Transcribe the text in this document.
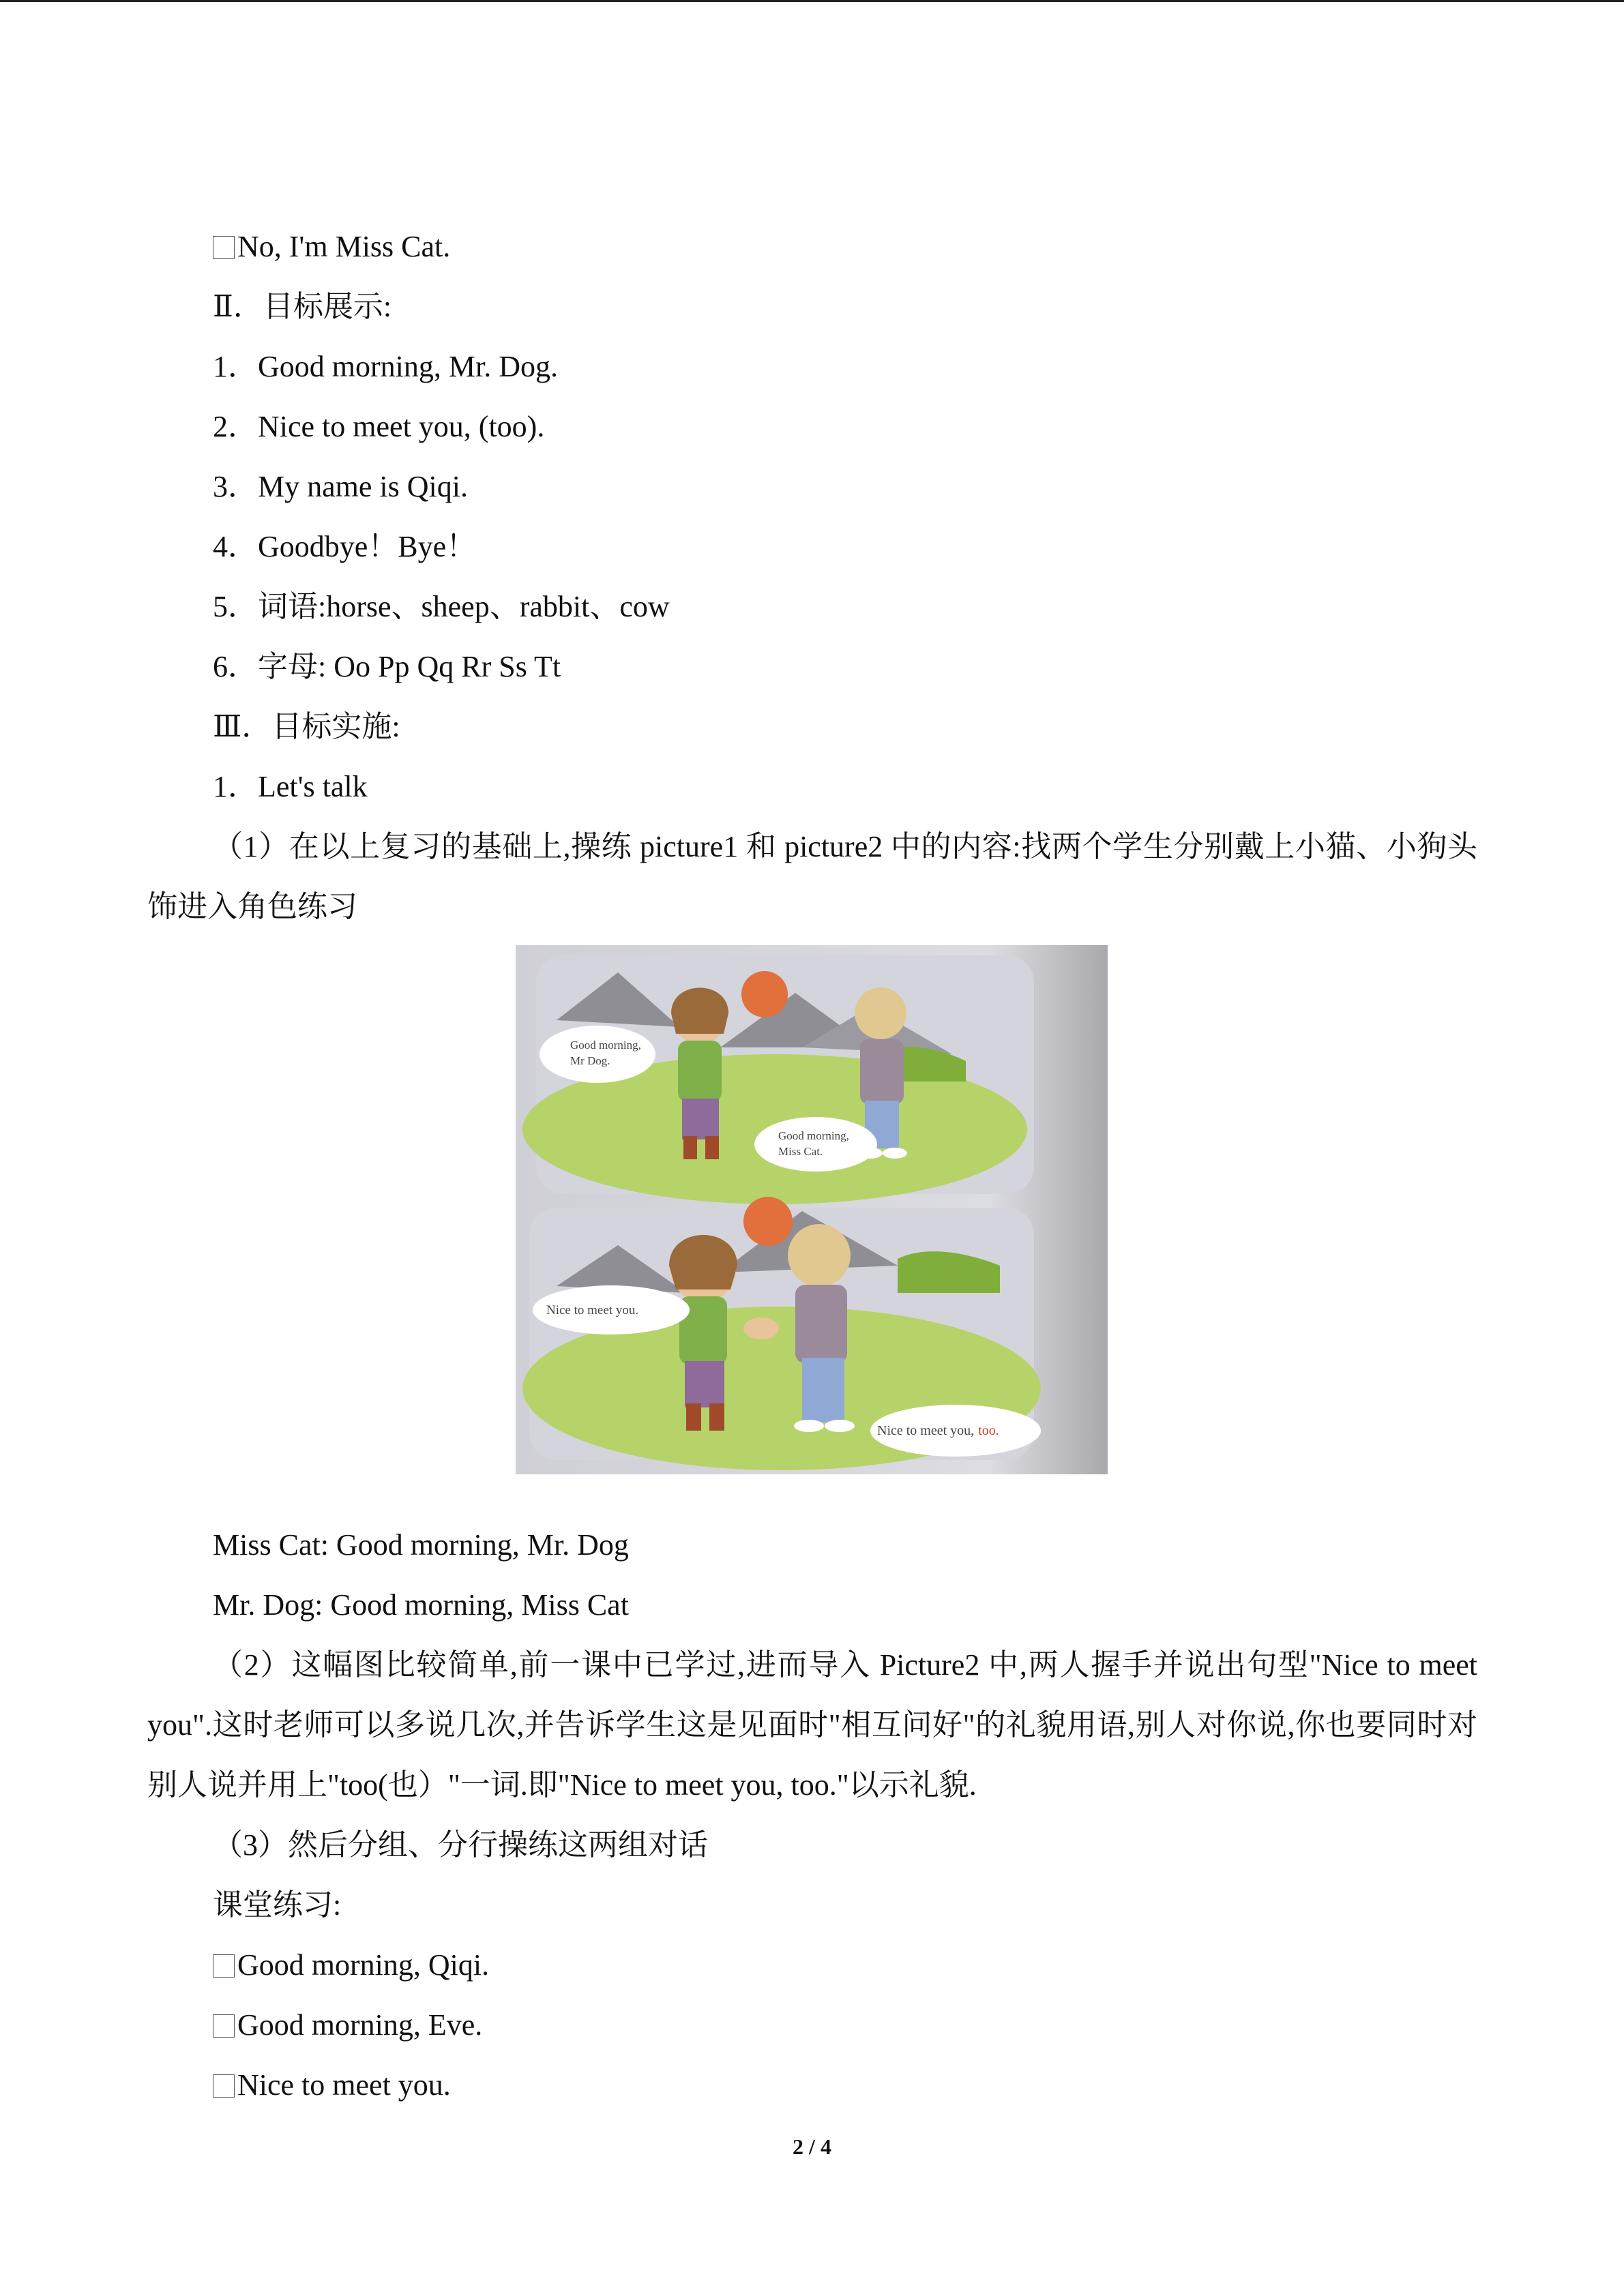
No, I'm Miss Cat.
Ⅱ．目标展示:
1．Good morning, Mr. Dog.
2．Nice to meet you, (too).
3．My name is Qiqi.
4．Goodbye！Bye！
5．词语:horse、sheep、rabbit、cow
6．字母: Oo Pp Qq Rr Ss Tt
Ⅲ．目标实施:
1．Let's talk
（1）在以上复习的基础上,操练 picture1 和 picture2 中的内容:找两个学生分别戴上小猫、小狗头饰进入角色练习
Good morning,
Mr Dog.
Good morning,
Miss Cat.
Nice to meet you.
Nice to meet you, too.
Miss Cat: Good morning, Mr. Dog
Mr. Dog: Good morning, Miss Cat
（2）这幅图比较简单,前一课中已学过,进而导入 Picture2 中,两人握手并说出句型"Nice to meet you".这时老师可以多说几次,并告诉学生这是见面时"相互问好"的礼貌用语,别人对你说,你也要同时对别人说并用上"too(也）"一词.即"Nice to meet you, too."以示礼貌.
（3）然后分组、分行操练这两组对话
课堂练习:
Good morning, Qiqi.
Good morning, Eve.
Nice to meet you.
2 / 4
